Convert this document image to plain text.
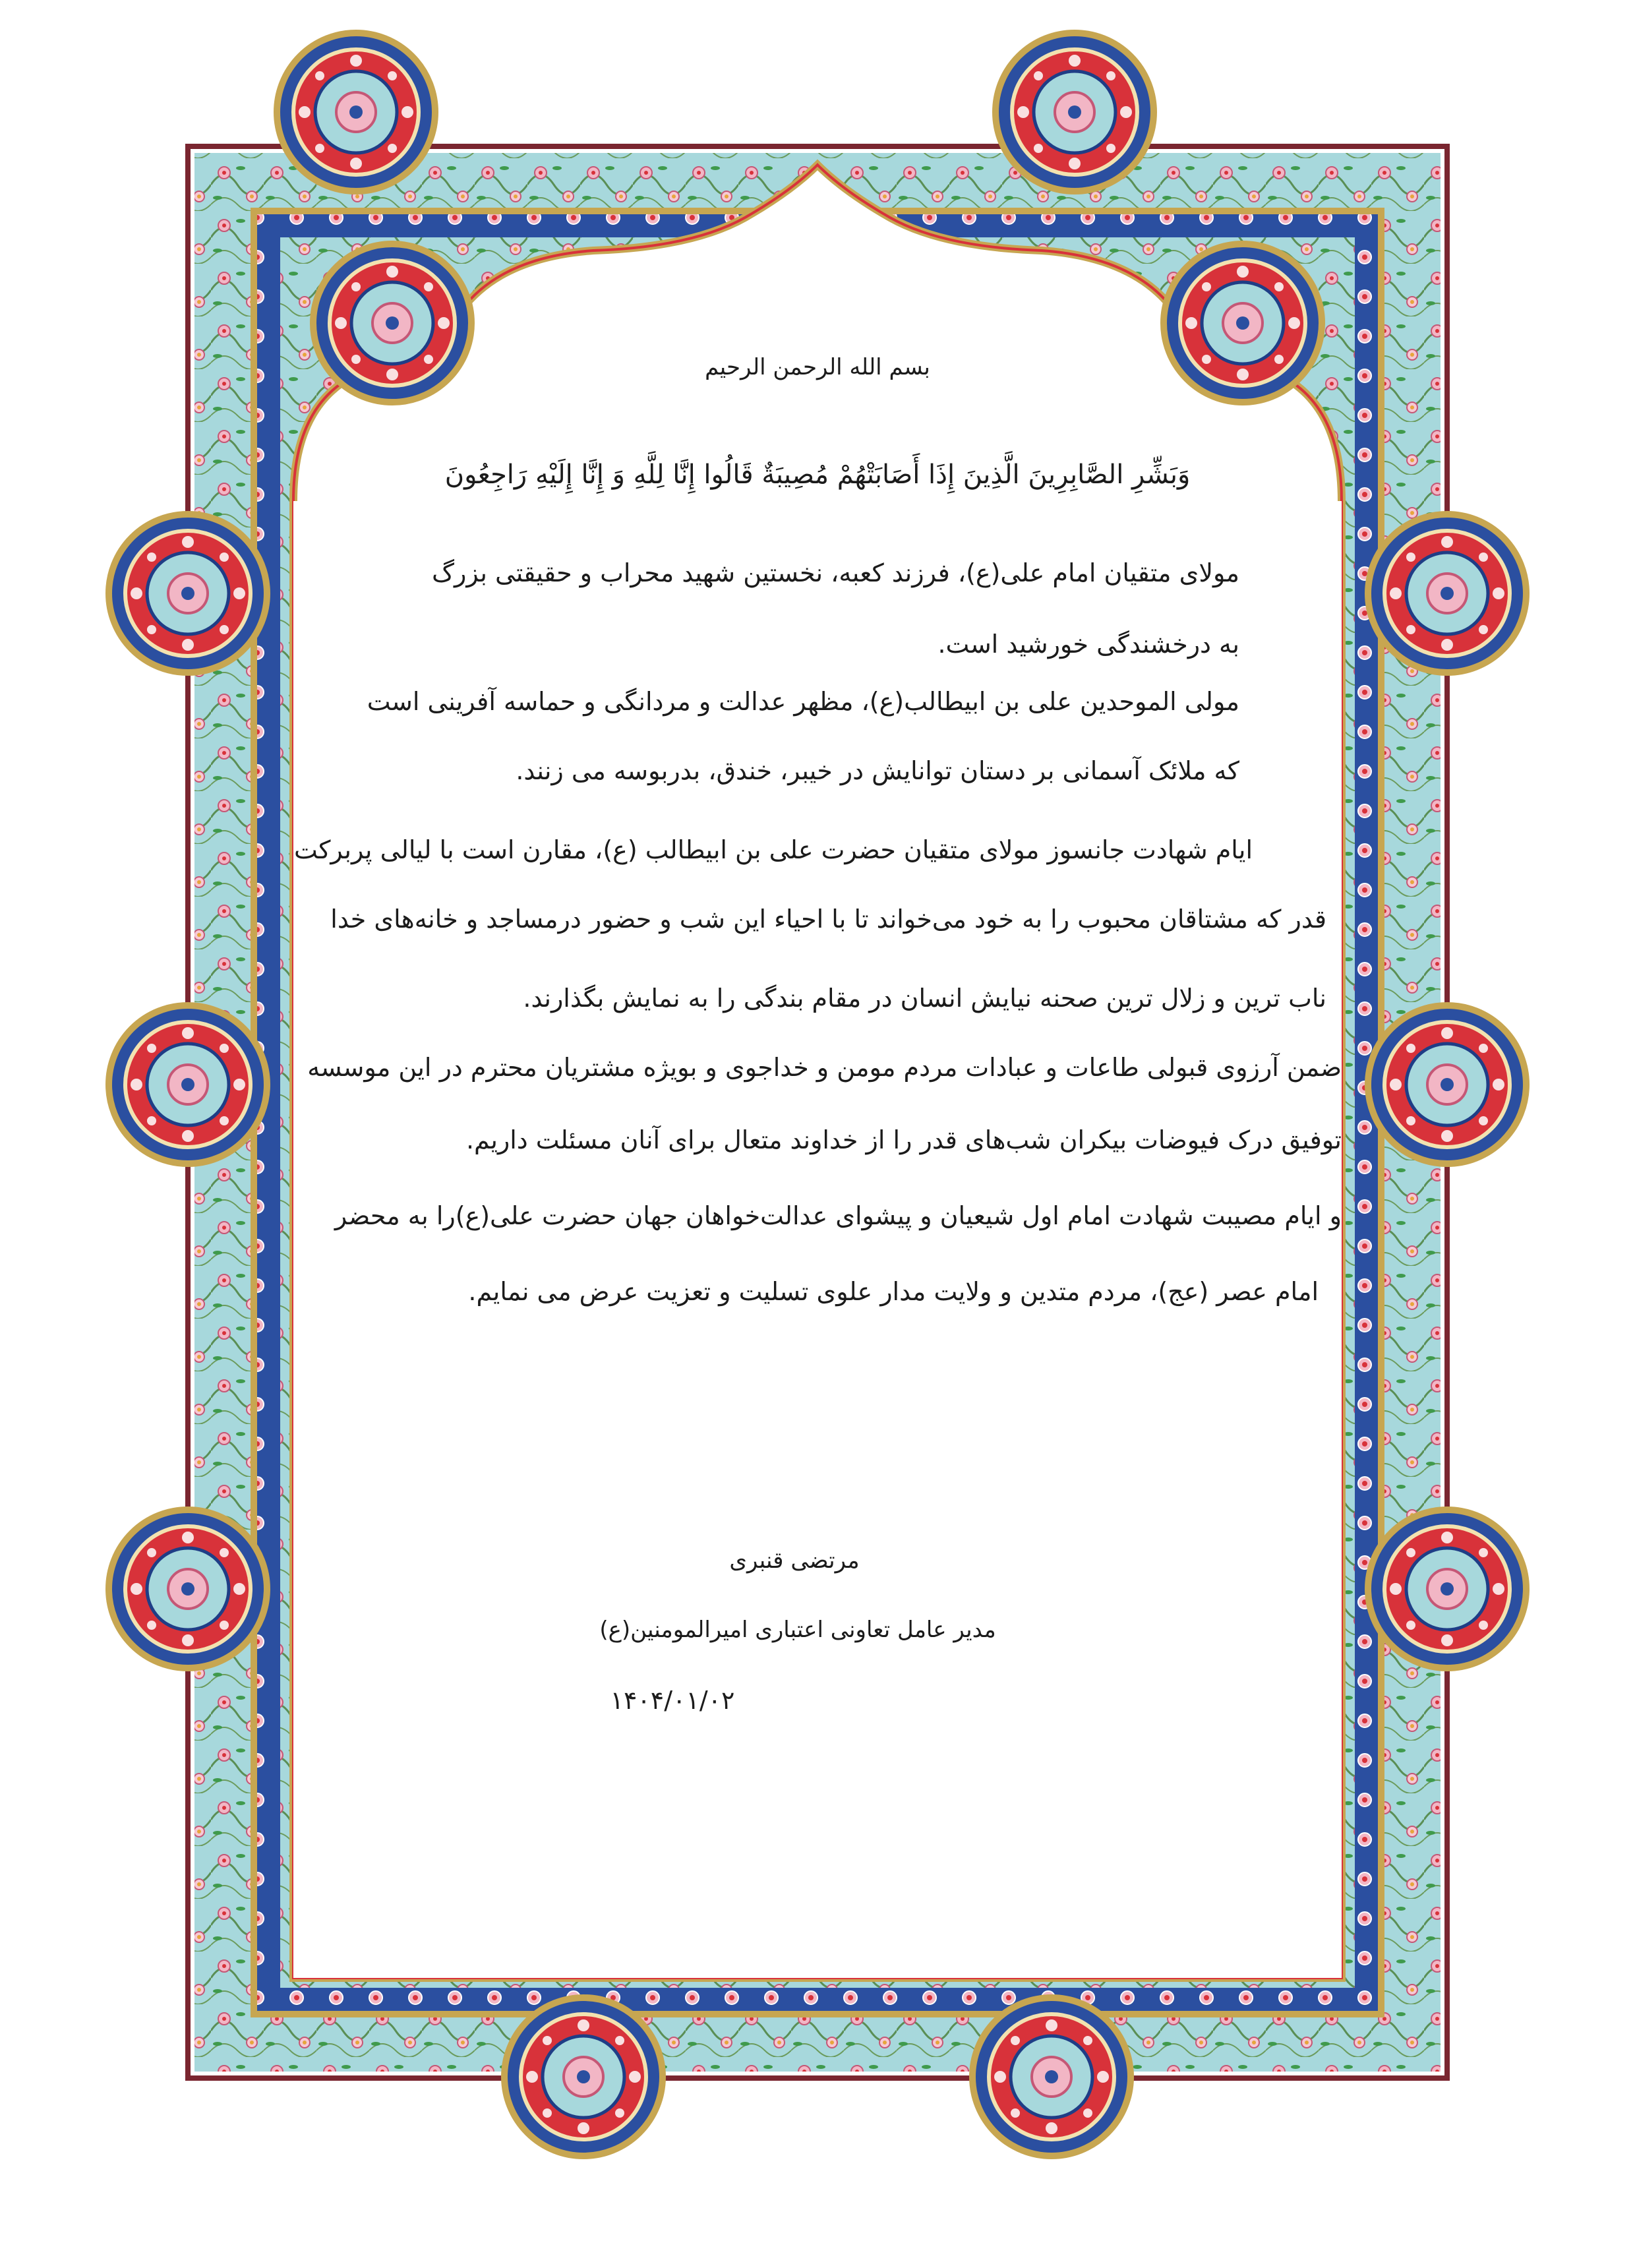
بسم الله الرحمن الرحیم
وَبَشِّرِ الصَّابِرِينَ الَّذِينَ إِذَا أَصَابَتْهُمْ مُصِيبَةٌ قَالُوا إِنَّا لِلَّهِ وَ إِنَّا إِلَيْهِ رَاجِعُونَ
مولای متقیان امام علی(ع)، فرزند کعبه، نخستین شهید محراب و حقیقتی بزرگ
به درخشندگی خورشید است.
مولی الموحدین علی بن ابیطالب(ع)، مظهر عدالت و مردانگی و حماسه آفرینی است
که ملائک آسمانی بر دستان توانایش در خیبر، خندق، بدربوسه می زنند.
ایام شهادت جانسوز مولای متقیان حضرت علی بن ابیطالب (ع)، مقارن است با لیالی پربرکت
قدر که مشتاقان محبوب را به خود می‌خواند تا با احیاء این شب و حضور درمساجد و خانه‌های خدا
ناب ترین و زلال ترین صحنه نیایش انسان در مقام بندگی را به نمایش بگذارند.
ضمن آرزوی قبولی طاعات و عبادات مردم مومن و خداجوی و بویژه مشتریان محترم در این موسسه
توفیق درک فیوضات بیکران شب‌های قدر را از خداوند متعال برای آنان مسئلت داریم.
و ایام مصیبت شهادت امام اول شیعیان و پیشوای عدالت‌خواهان جهان حضرت علی(ع)را به محضر
امام عصر (عج)، مردم متدین و ولایت مدار علوی تسلیت و تعزیت عرض می نمایم.
مرتضی قنبری
مدیر عامل تعاونی اعتباری امیرالمومنین(ع)
۱۴۰۴/۰۱/۰۲
